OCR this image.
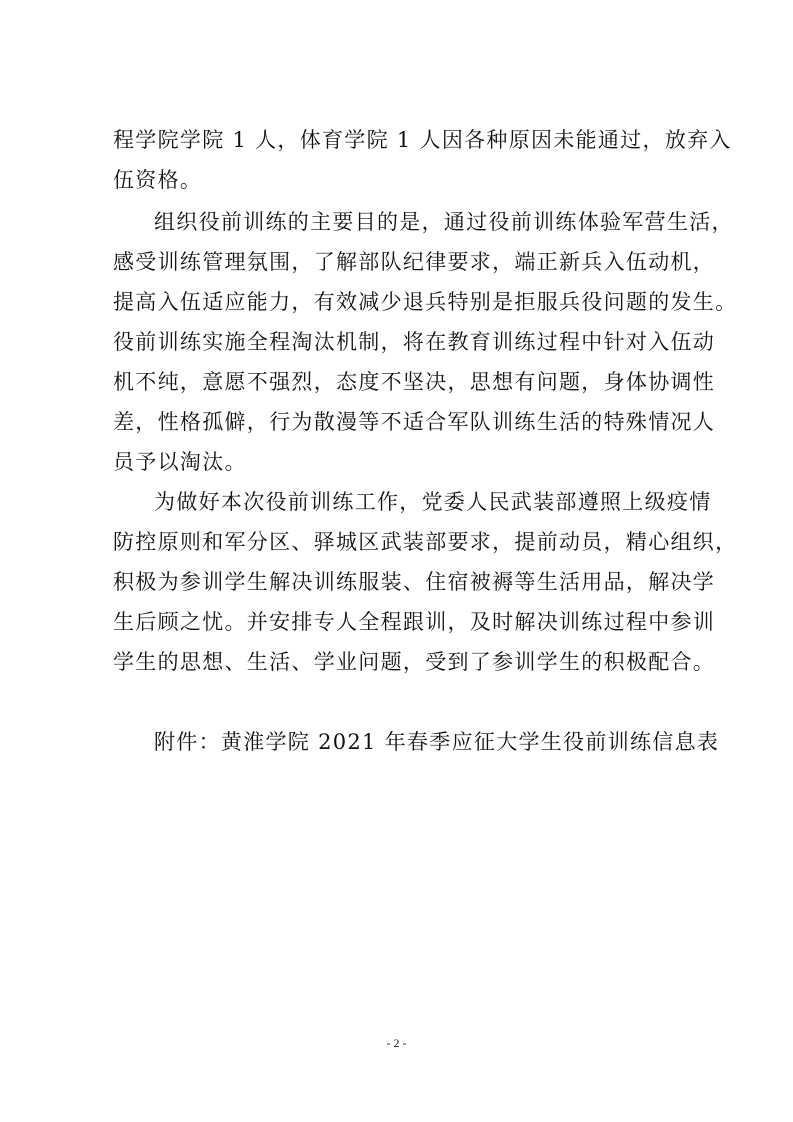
程学院学院 1 人，体育学院 1 人因各种原因未能通过，放弃入
伍资格。
组织役前训练的主要目的是，通过役前训练体验军营生活，
感受训练管理氛围，了解部队纪律要求，端正新兵入伍动机，
提高入伍适应能力，有效减少退兵特别是拒服兵役问题的发生。
役前训练实施全程淘汰机制，将在教育训练过程中针对入伍动
机不纯，意愿不强烈，态度不坚决，思想有问题，身体协调性
差，性格孤僻，行为散漫等不适合军队训练生活的特殊情况人
员予以淘汰。
为做好本次役前训练工作，党委人民武装部遵照上级疫情
防控原则和军分区、驿城区武装部要求，提前动员，精心组织，
积极为参训学生解决训练服装、住宿被褥等生活用品，解决学
生后顾之忧。并安排专人全程跟训，及时解决训练过程中参训
学生的思想、生活、学业问题，受到了参训学生的积极配合。
附件：黄淮学院 2021 年春季应征大学生役前训练信息表
- 2 -
